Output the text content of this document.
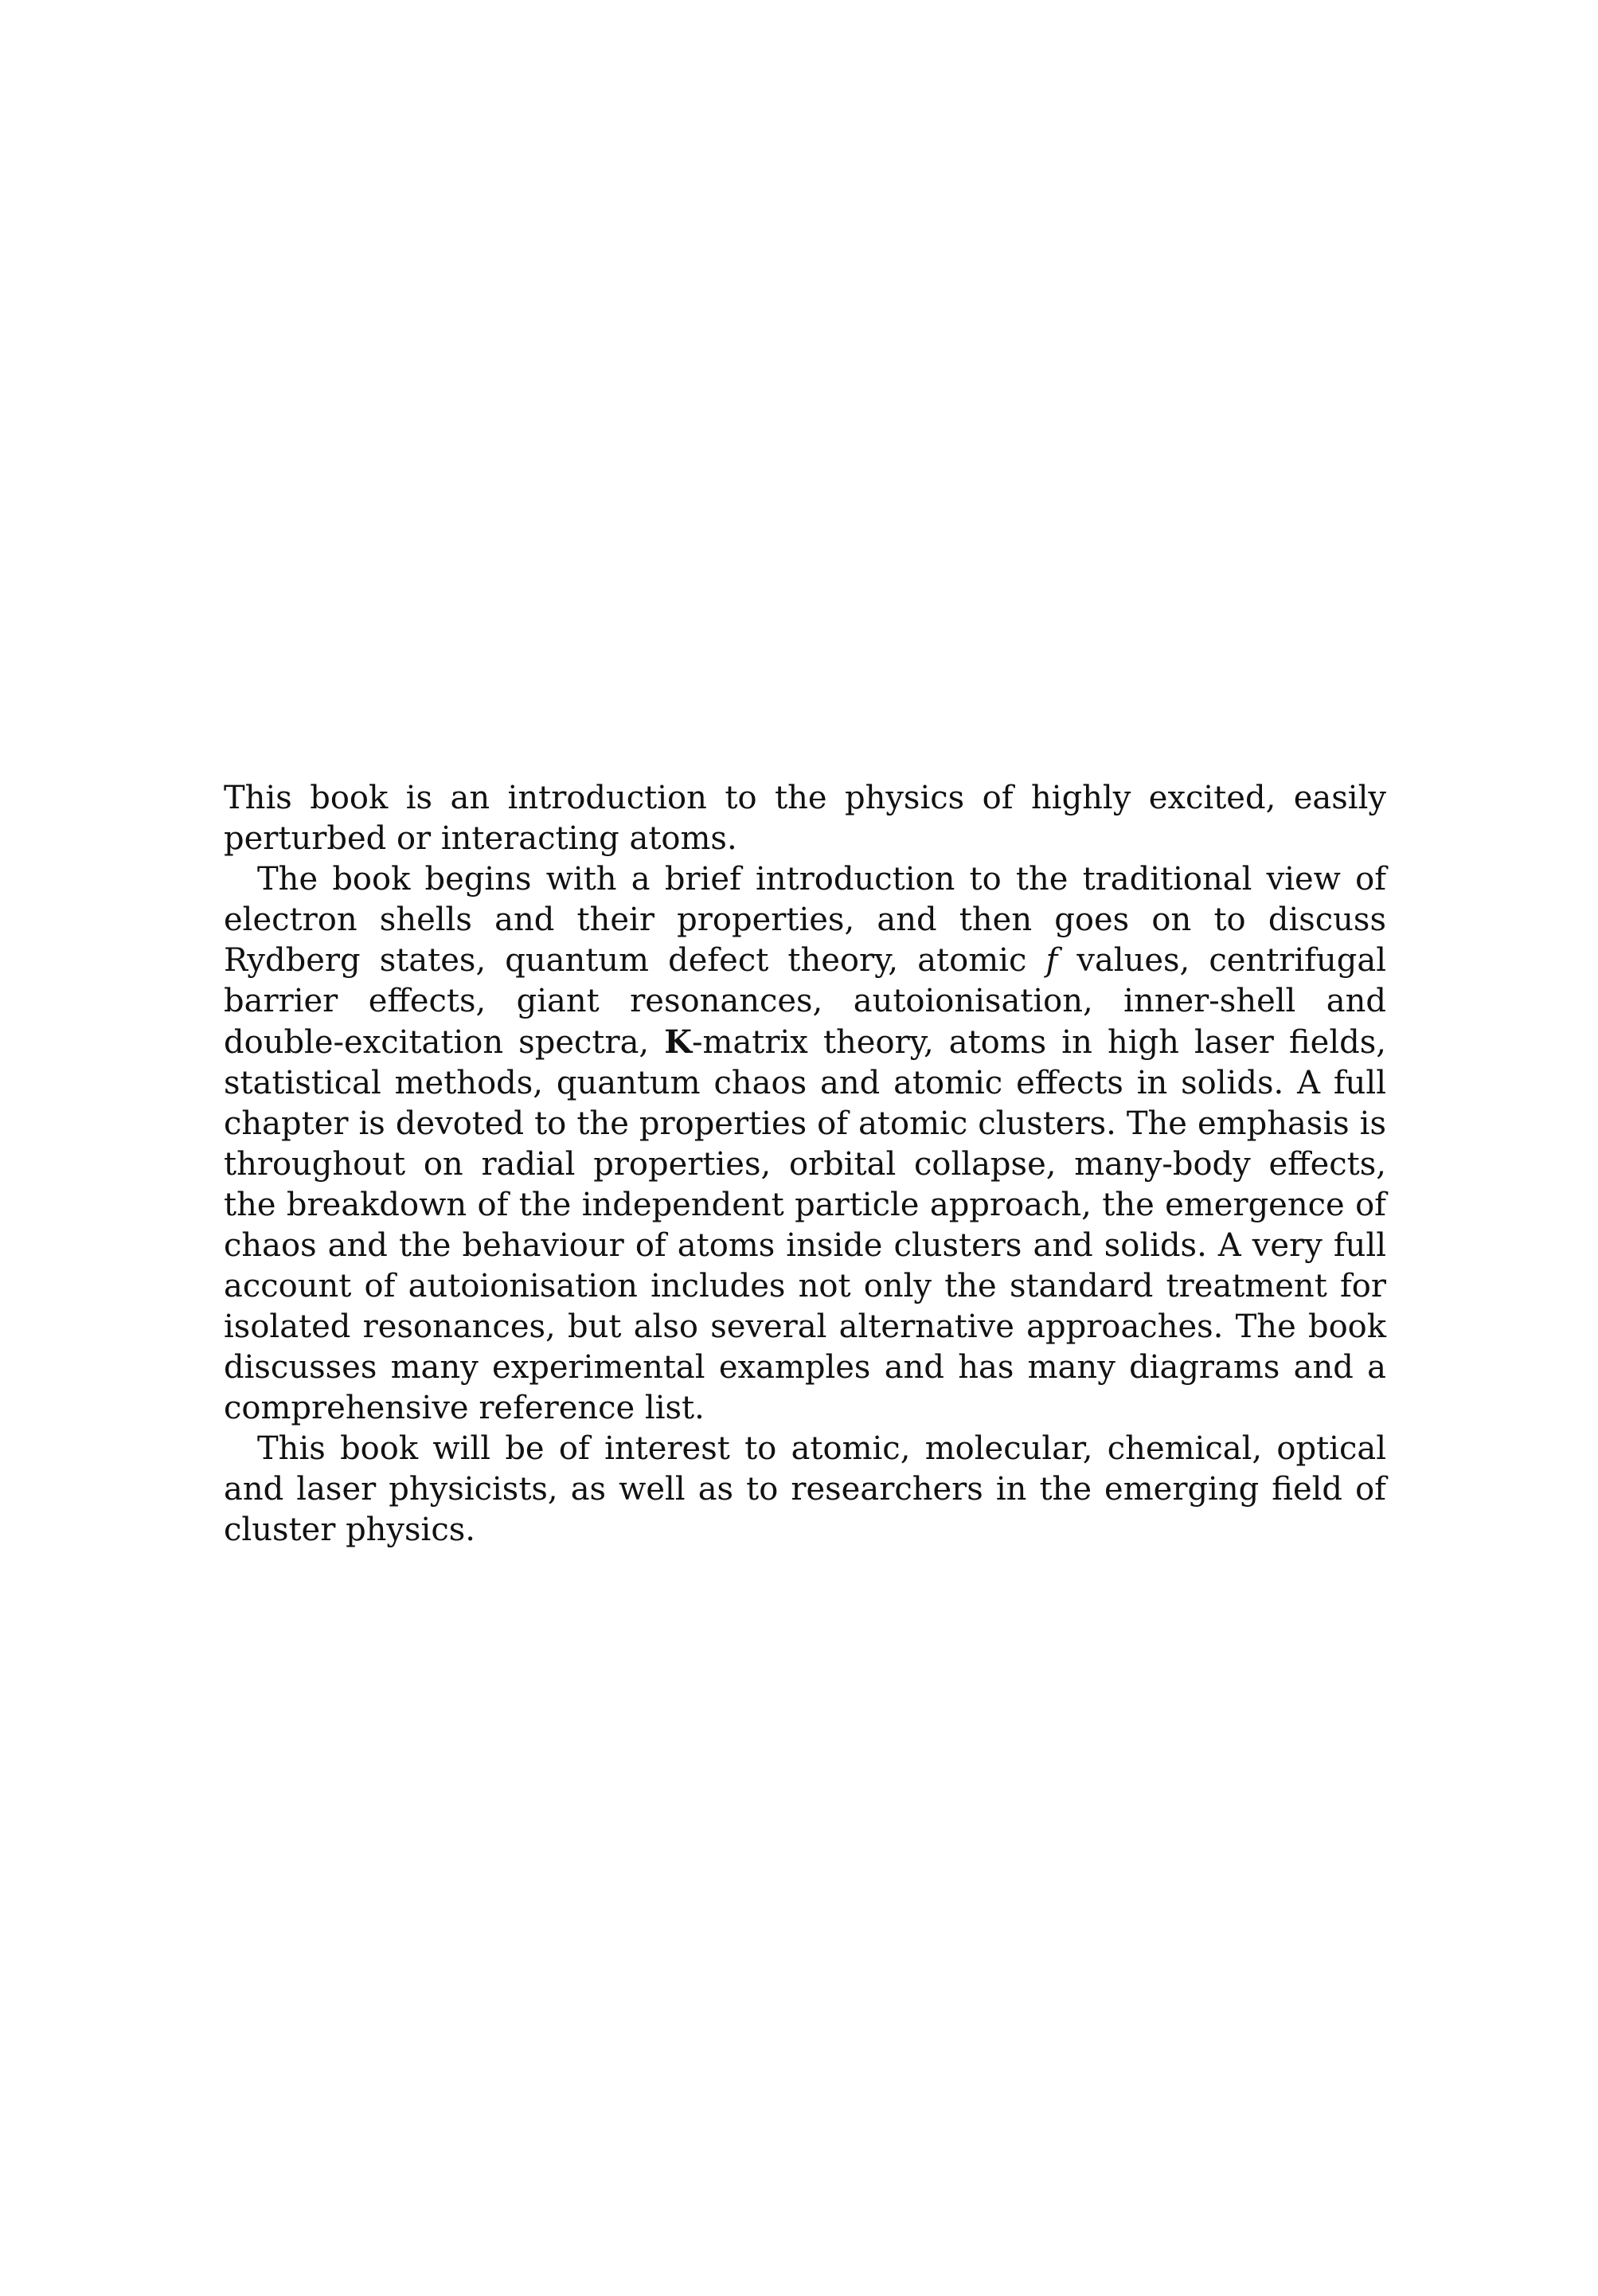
This book is an introduction to the physics of highly excited, easily perturbed or interacting atoms.

The book begins with a brief introduction to the traditional view of electron shells and their properties, and then goes on to discuss Rydberg states, quantum defect theory, atomic f values, centrifugal barrier effects, giant resonances, autoionisation, inner-shell and double-excitation spectra, K-matrix theory, atoms in high laser fields, statistical methods, quantum chaos and atomic effects in solids. A full chapter is devoted to the properties of atomic clusters. The emphasis is throughout on radial properties, orbital collapse, many-body effects, the breakdown of the independent particle approach, the emergence of chaos and the behaviour of atoms inside clusters and solids. A very full account of autoionisation includes not only the standard treatment for isolated resonances, but also several alternative approaches. The book discusses many experimental examples and has many diagrams and a comprehensive reference list.

This book will be of interest to atomic, molecular, chemical, optical and laser physicists, as well as to researchers in the emerging field of cluster physics.
